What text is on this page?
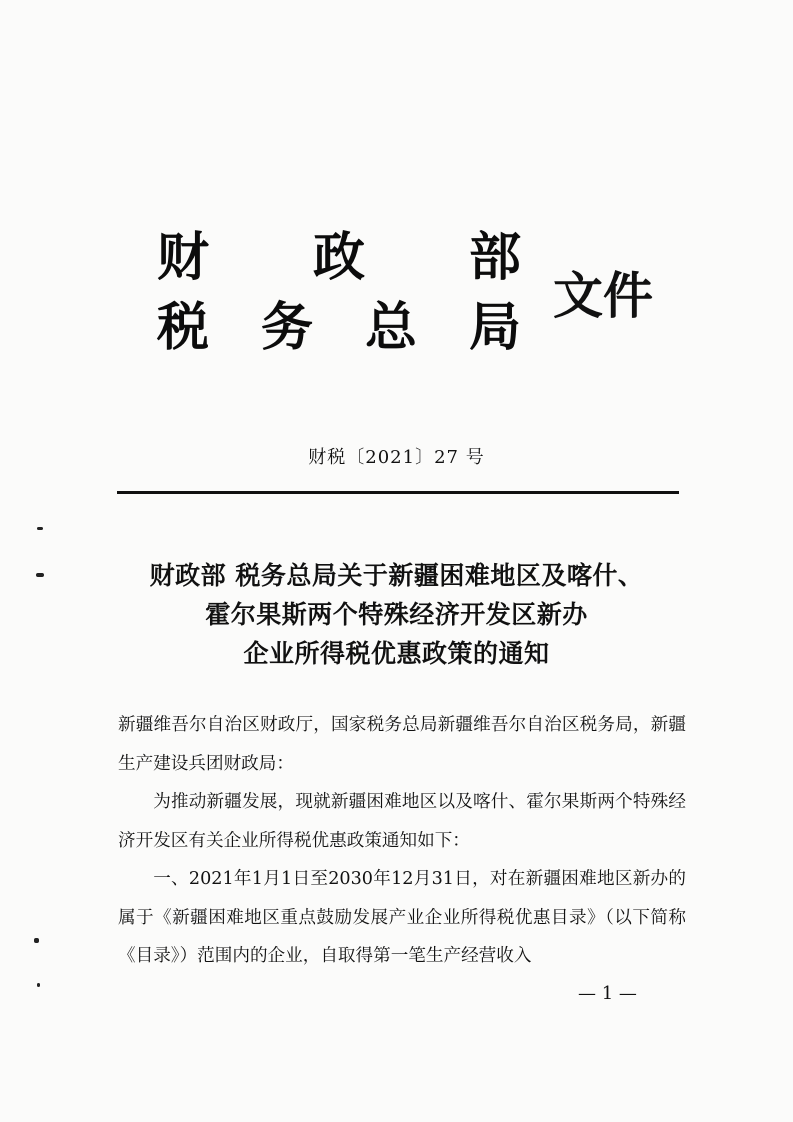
财 政 部
税 务 总 局
文件
财税〔2021〕27 号
财政部 税务总局关于新疆困难地区及喀什、
霍尔果斯两个特殊经济开发区新办
企业所得税优惠政策的通知

新疆维吾尔自治区财政厅，国家税务总局新疆维吾尔自治区税务局，新疆生产建设兵团财政局：

为推动新疆发展，现就新疆困难地区以及喀什、霍尔果斯两个特殊经济开发区有关企业所得税优惠政策通知如下：

一、2021年1月1日至2030年12月31日，对在新疆困难地区新办的属于《新疆困难地区重点鼓励发展产业企业所得税优惠目录》（以下简称《目录》）范围内的企业，自取得第一笔生产经营收入

— 1 —
